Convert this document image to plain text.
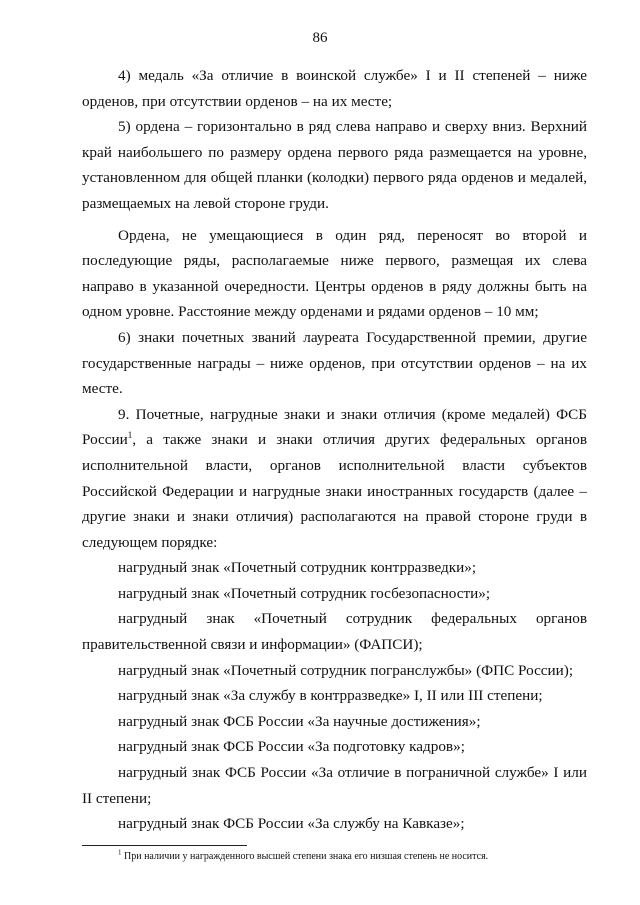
86

4) медаль «За отличие в воинской службе» I и II степеней – ниже орденов, при отсутствии орденов – на их месте;

5) ордена – горизонтально в ряд слева направо и сверху вниз. Верхний край наибольшего по размеру ордена первого ряда размещается на уровне, установленном для общей планки (колодки) первого ряда орденов и медалей, размещаемых на левой стороне груди.

Ордена, не умещающиеся в один ряд, переносят во второй и последующие ряды, располагаемые ниже первого, размещая их слева направо в указанной очередности. Центры орденов в ряду должны быть на одном уровне. Расстояние между орденами и рядами орденов – 10 мм;

6) знаки почетных званий лауреата Государственной премии, другие государственные награды – ниже орденов, при отсутствии орденов – на их месте.

9. Почетные, нагрудные знаки и знаки отличия (кроме медалей) ФСБ России$^1$, а также знаки и знаки отличия других федеральных органов исполнительной власти, органов исполнительной власти субъектов Российской Федерации и нагрудные знаки иностранных государств (далее – другие знаки и знаки отличия) располагаются на правой стороне груди в следующем порядке:

нагрудный знак «Почетный сотрудник контрразведки»;

нагрудный знак «Почетный сотрудник госбезопасности»;

нагрудный знак «Почетный сотрудник федеральных органов правительственной связи и информации» (ФАПСИ);

нагрудный знак «Почетный сотрудник погранслужбы» (ФПС России);

нагрудный знак «За службу в контрразведке» I, II или III степени;

нагрудный знак ФСБ России «За научные достижения»;

нагрудный знак ФСБ России «За подготовку кадров»;

нагрудный знак ФСБ России «За отличие в пограничной службе» I или II степени;

нагрудный знак ФСБ России «За службу на Кавказе»;

$^1$ При наличии у награжденного высшей степени знака его низшая степень не носится.
